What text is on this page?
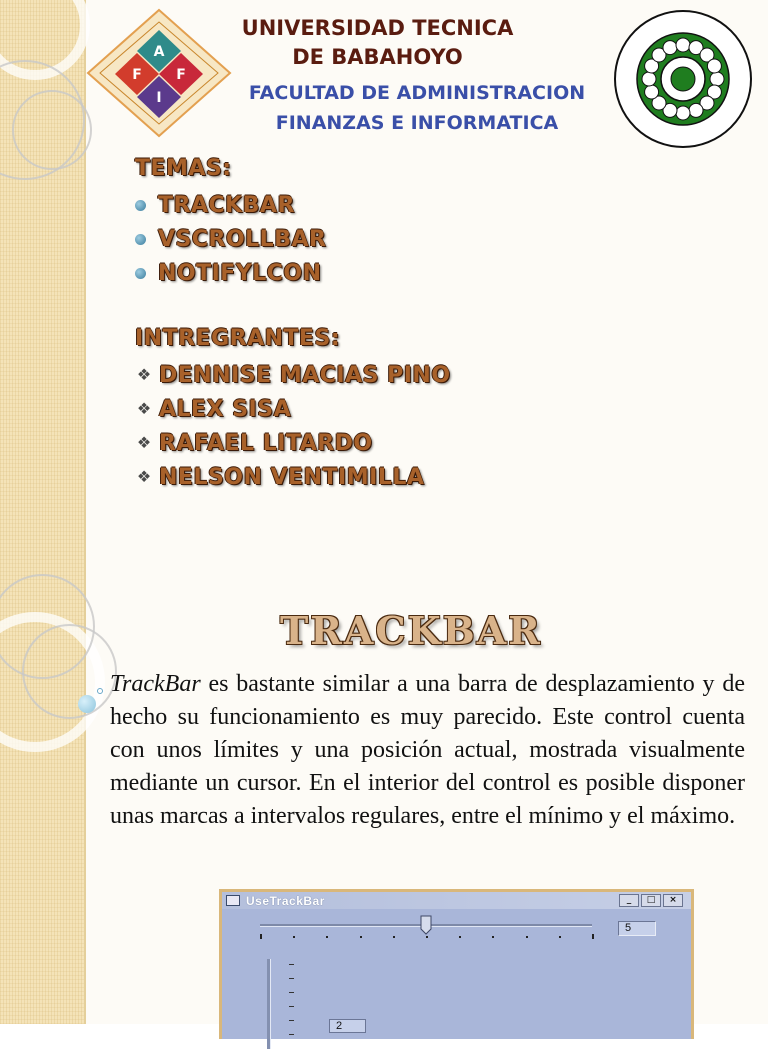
A
F F
I
UNIVERSIDAD TECNICA DE BABAHOYO
FACULTAD DE ADMINISTRACION
FINANZAS E INFORMATICA
TEMAS:
TRACKBAR
VSCROLLBAR
NOTIFYLCON
INTREGRANTES:
❖ DENNISE MACIAS PINO
❖ ALEX SISA
❖ RAFAEL LITARDO
❖ NELSON VENTIMILLA
TRACKBAR

TrackBar es bastante similar a una barra de desplazamiento y de hecho su funcionamiento es muy parecido. Este control cuenta con unos límites y una posición actual, mostrada visualmente mediante un cursor. En el interior del control es posible disponer unas marcas a intervalos regulares, entre el mínimo y el máximo.

UseTrackBar	_	□	×
5
2
